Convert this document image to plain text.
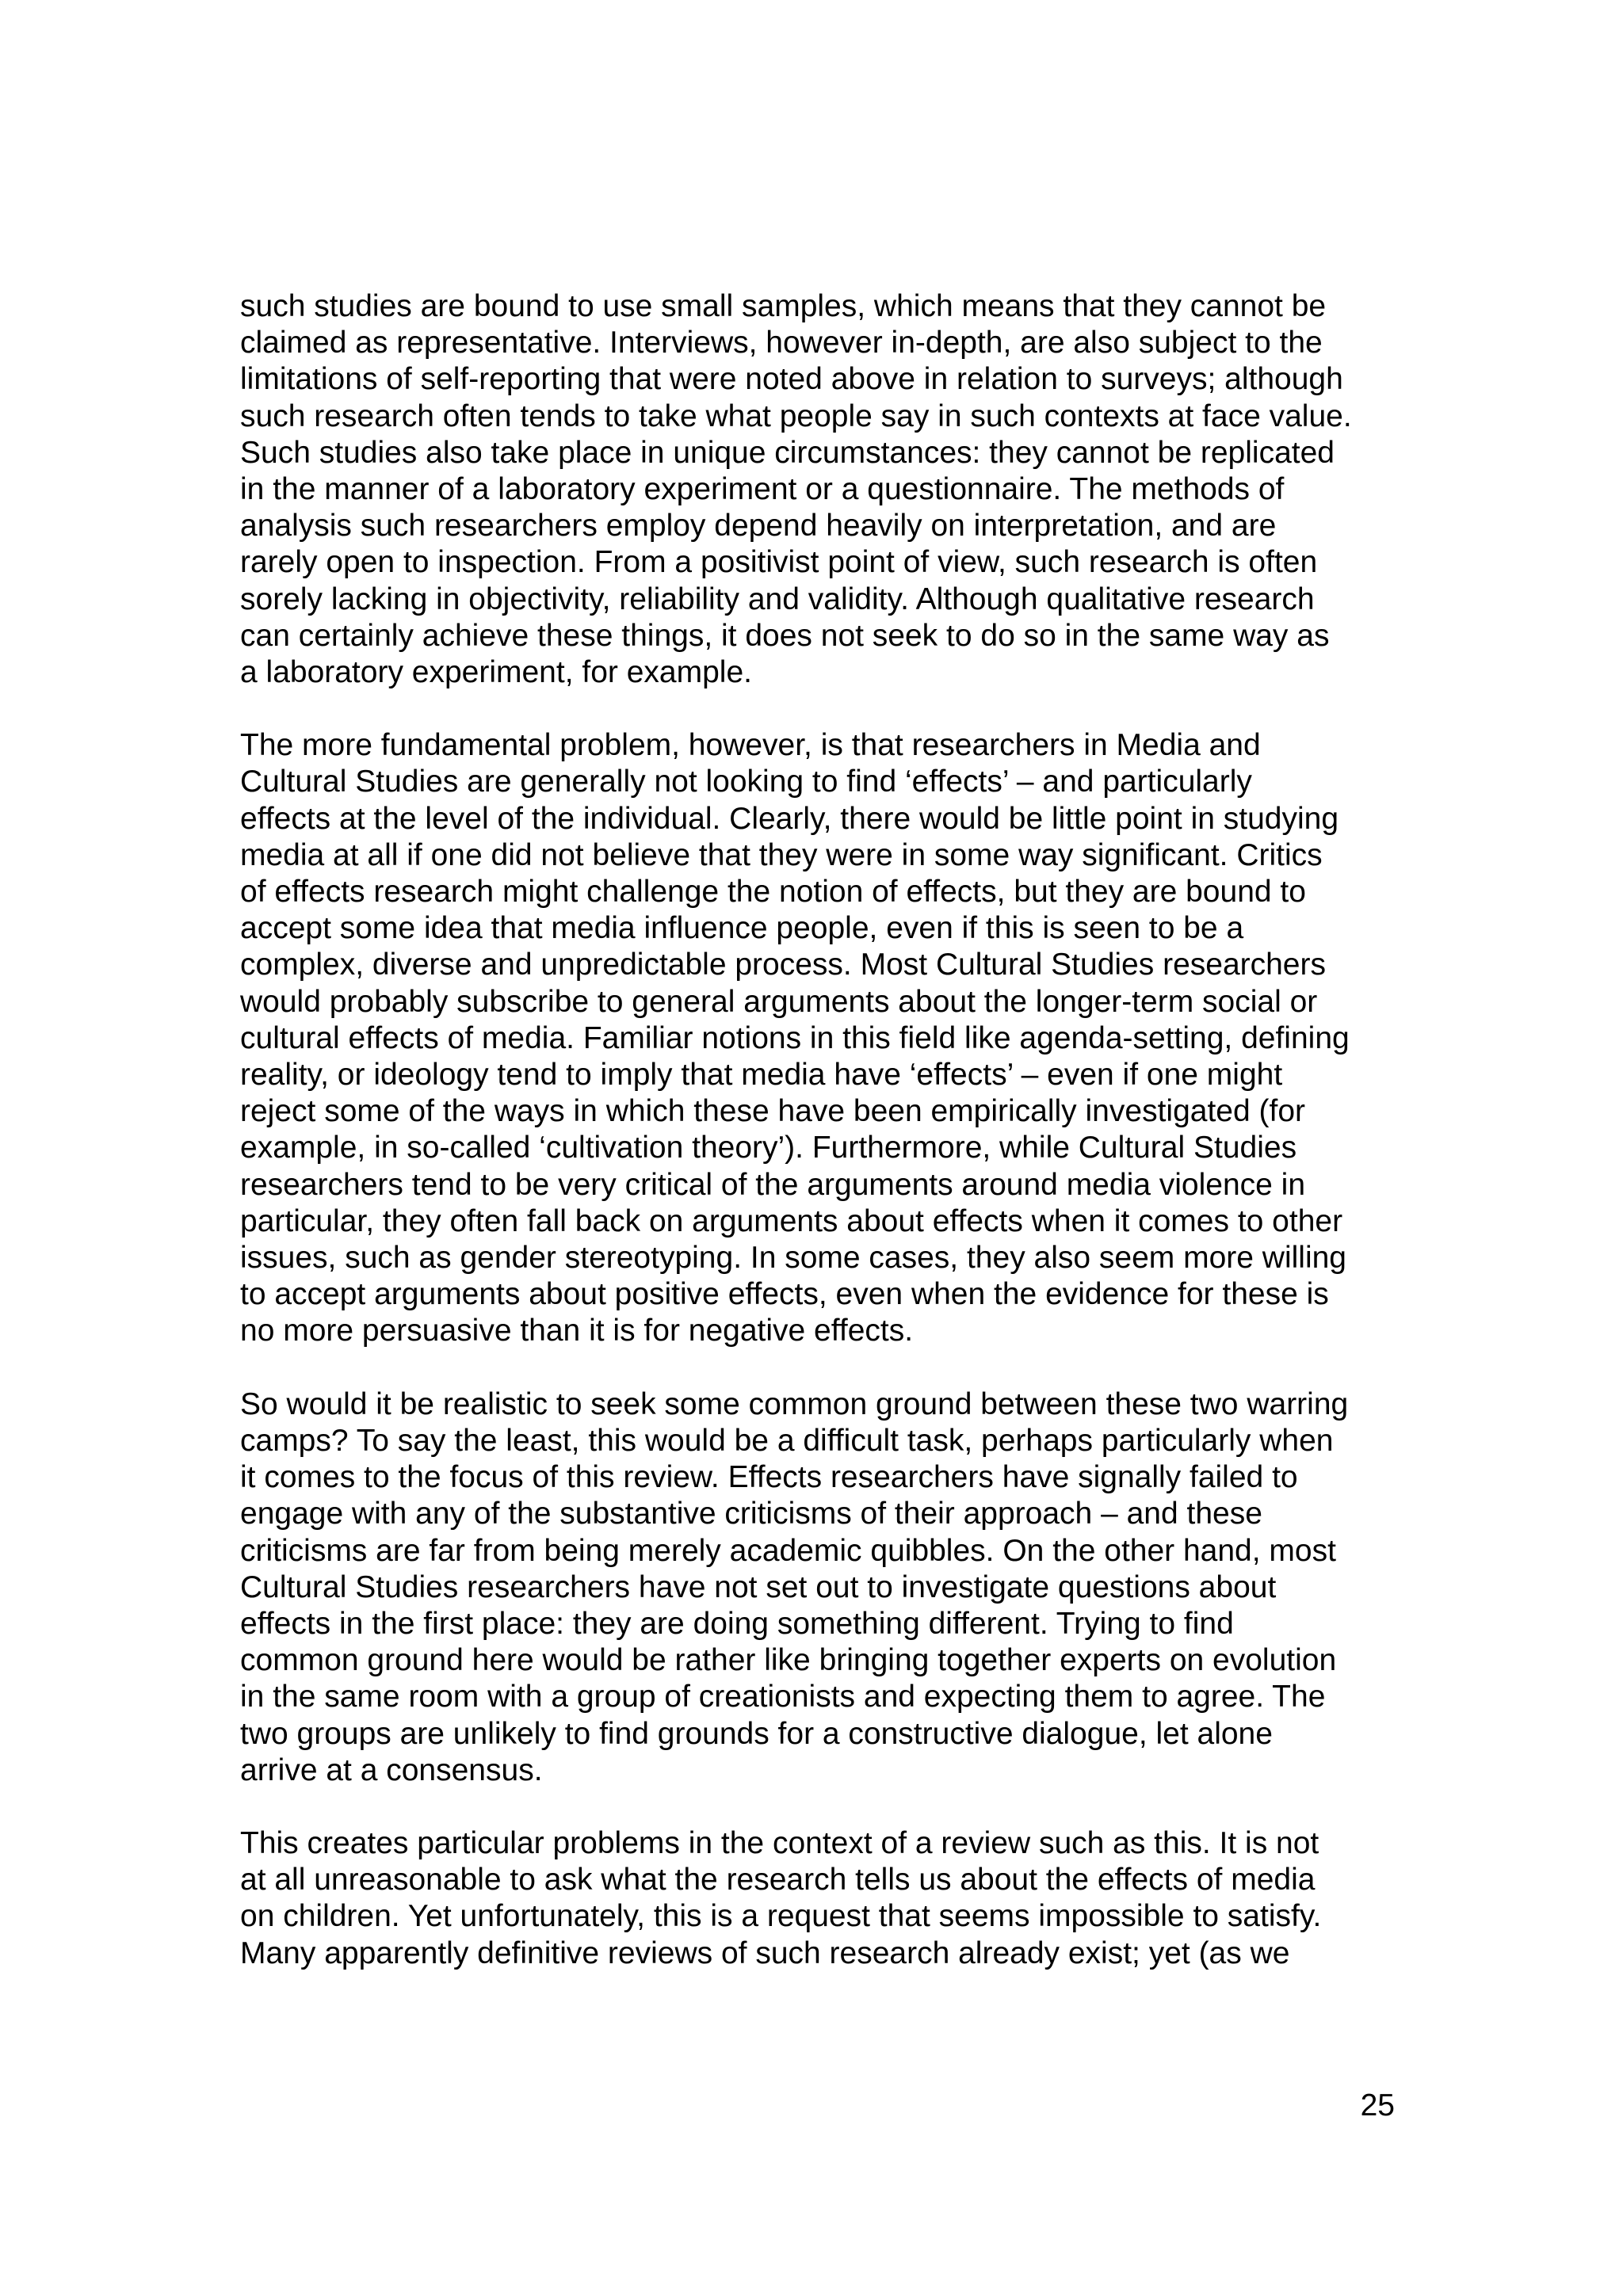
such studies are bound to use small samples, which means that they cannot be
claimed as representative. Interviews, however in-depth, are also subject to the
limitations of self-reporting that were noted above in relation to surveys; although
such research often tends to take what people say in such contexts at face value.
Such studies also take place in unique circumstances: they cannot be replicated
in the manner of a laboratory experiment or a questionnaire. The methods of
analysis such researchers employ depend heavily on interpretation, and are
rarely open to inspection. From a positivist point of view, such research is often
sorely lacking in objectivity, reliability and validity. Although qualitative research
can certainly achieve these things, it does not seek to do so in the same way as
a laboratory experiment, for example.

The more fundamental problem, however, is that researchers in Media and
Cultural Studies are generally not looking to find ‘effects’ – and particularly
effects at the level of the individual. Clearly, there would be little point in studying
media at all if one did not believe that they were in some way significant. Critics
of effects research might challenge the notion of effects, but they are bound to
accept some idea that media influence people, even if this is seen to be a
complex, diverse and unpredictable process. Most Cultural Studies researchers
would probably subscribe to general arguments about the longer-term social or
cultural effects of media. Familiar notions in this field like agenda-setting, defining
reality, or ideology tend to imply that media have ‘effects’ – even if one might
reject some of the ways in which these have been empirically investigated (for
example, in so-called ‘cultivation theory’). Furthermore, while Cultural Studies
researchers tend to be very critical of the arguments around media violence in
particular, they often fall back on arguments about effects when it comes to other
issues, such as gender stereotyping. In some cases, they also seem more willing
to accept arguments about positive effects, even when the evidence for these is
no more persuasive than it is for negative effects.

So would it be realistic to seek some common ground between these two warring
camps? To say the least, this would be a difficult task, perhaps particularly when
it comes to the focus of this review. Effects researchers have signally failed to
engage with any of the substantive criticisms of their approach – and these
criticisms are far from being merely academic quibbles. On the other hand, most
Cultural Studies researchers have not set out to investigate questions about
effects in the first place: they are doing something different. Trying to find
common ground here would be rather like bringing together experts on evolution
in the same room with a group of creationists and expecting them to agree. The
two groups are unlikely to find grounds for a constructive dialogue, let alone
arrive at a consensus.

This creates particular problems in the context of a review such as this. It is not
at all unreasonable to ask what the research tells us about the effects of media
on children. Yet unfortunately, this is a request that seems impossible to satisfy.
Many apparently definitive reviews of such research already exist; yet (as we

25
